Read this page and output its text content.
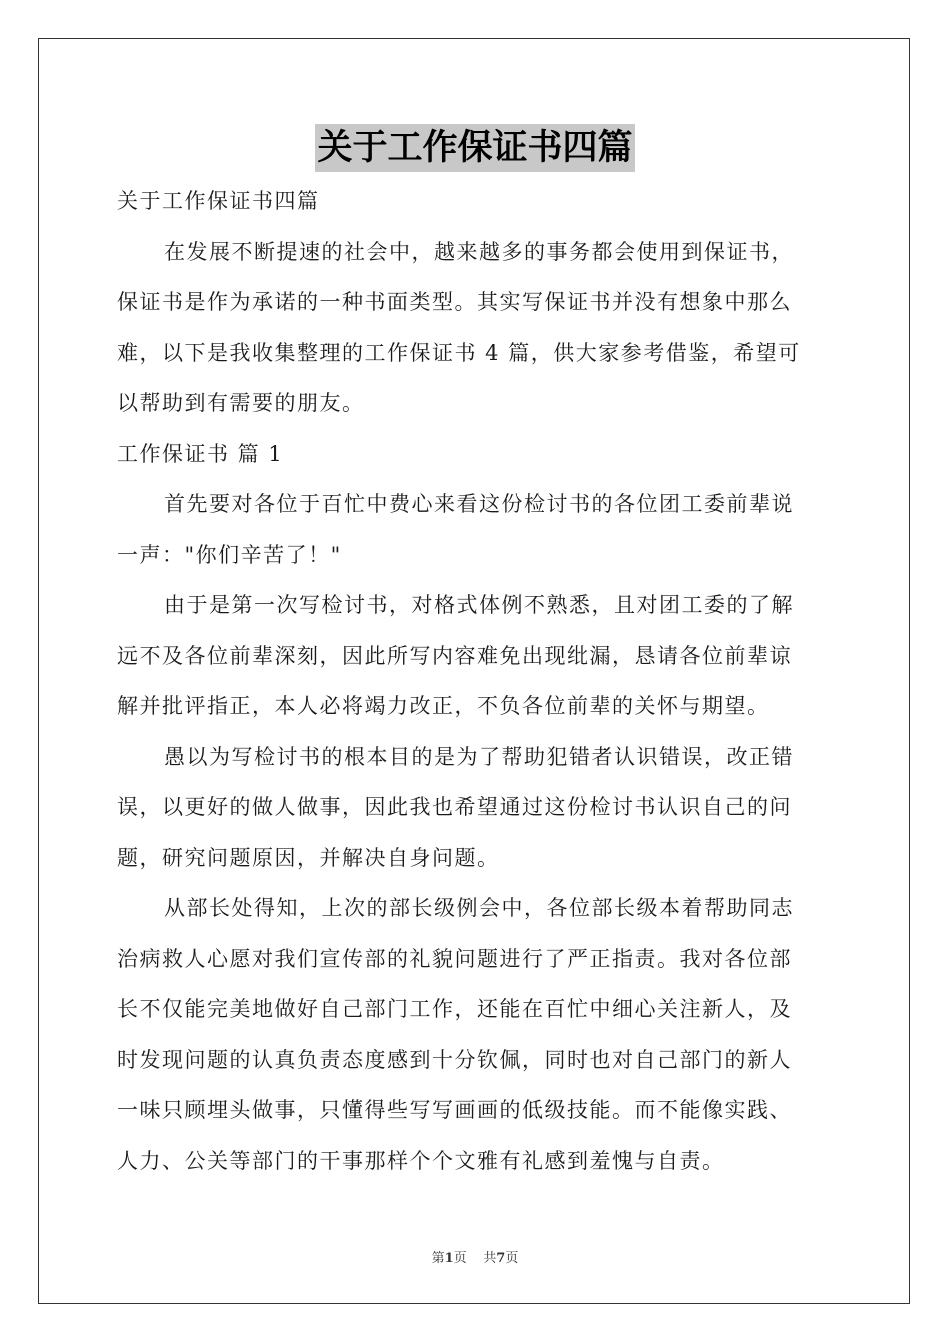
关于工作保证书四篇
关于工作保证书四篇
在发展不断提速的社会中，越来越多的事务都会使用到保证书，
保证书是作为承诺的一种书面类型。其实写保证书并没有想象中那么
难，以下是我收集整理的工作保证书 4 篇，供大家参考借鉴，希望可
以帮助到有需要的朋友。
工作保证书 篇 1
首先要对各位于百忙中费心来看这份检讨书的各位团工委前辈说
一声："你们辛苦了！"
由于是第一次写检讨书，对格式体例不熟悉，且对团工委的了解
远不及各位前辈深刻，因此所写内容难免出现纰漏，恳请各位前辈谅
解并批评指正，本人必将竭力改正，不负各位前辈的关怀与期望。
愚以为写检讨书的根本目的是为了帮助犯错者认识错误，改正错
误，以更好的做人做事，因此我也希望通过这份检讨书认识自己的问
题，研究问题原因，并解决自身问题。
从部长处得知，上次的部长级例会中，各位部长级本着帮助同志
治病救人心愿对我们宣传部的礼貌问题进行了严正指责。我对各位部
长不仅能完美地做好自己部门工作，还能在百忙中细心关注新人，及
时发现问题的认真负责态度感到十分钦佩，同时也对自己部门的新人
一味只顾埋头做事，只懂得些写写画画的低级技能。而不能像实践、
人力、公关等部门的干事那样个个文雅有礼感到羞愧与自责。
第1页 共7页
